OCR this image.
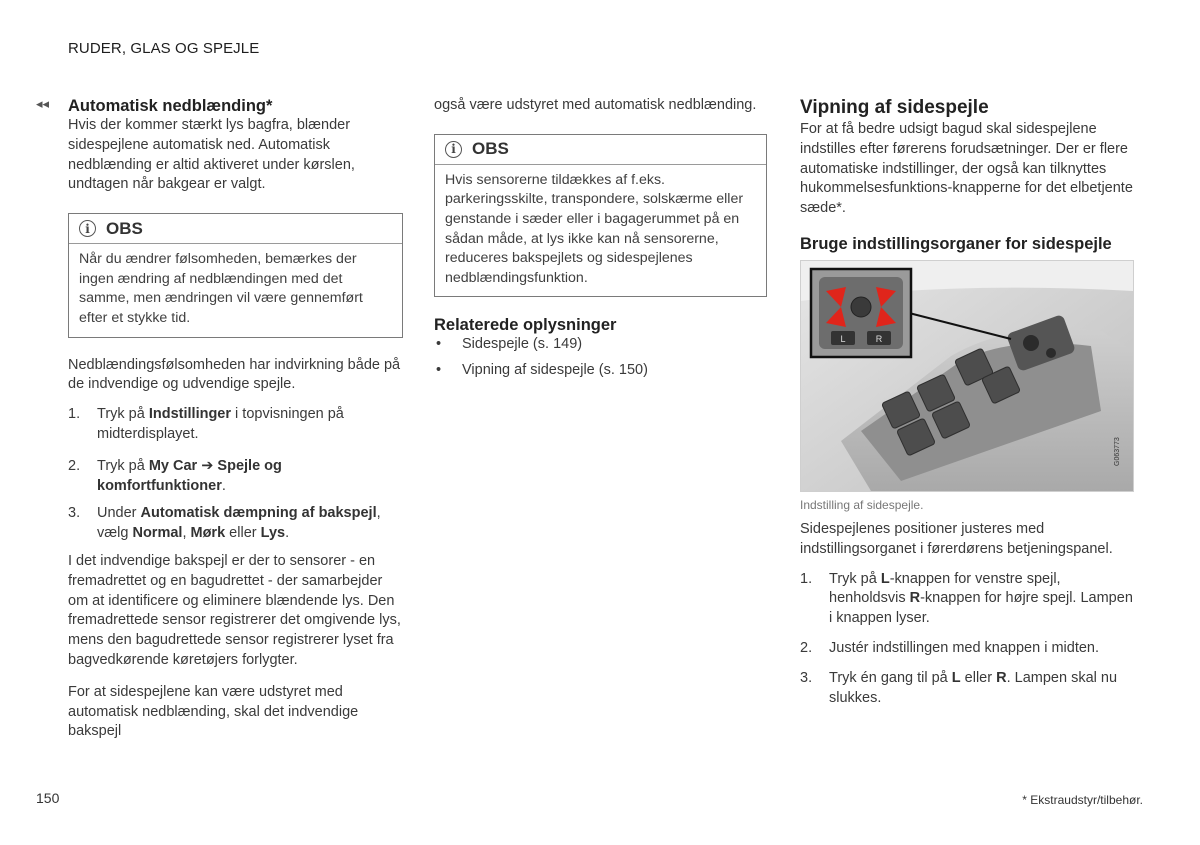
RUDER, GLAS OG SPEJLE
◂◂ Automatisk nedblænding*

Hvis der kommer stærkt lys bagfra, blænder sidespejlene automatisk ned. Automatisk nedblænding er altid aktiveret under kørslen, undtagen når bakgear er valgt.

i OBS

Når du ændrer følsomheden, bemærkes der ingen ændring af nedblændingen med det samme, men ændringen vil være gennemført efter et stykke tid.

Nedblændingsfølsomheden har indvirkning både på de indvendige og udvendige spejle.

1. Tryk på Indstillinger i topvisningen på midterdisplayet.
2. Tryk på My Car ➔ Spejle og komfortfunktioner.
3. Under Automatisk dæmpning af bakspejl, vælg Normal, Mørk eller Lys.

I det indvendige bakspejl er der to sensorer - en fremadrettet og en bagudrettet - der samarbejder om at identificere og eliminere blændende lys. Den fremadrettede sensor registrerer det omgivende lys, mens den bagudrettede sensor registrerer lyset fra bagvedkørende køretøjers forlygter.

For at sidespejlene kan være udstyret med automatisk nedblænding, skal det indvendige bakspejl

også være udstyret med automatisk nedblænding.

i OBS

Hvis sensorerne tildækkes af f.eks. parkeringsskilte, transpondere, solskærme eller genstande i sæder eller i bagagerummet på en sådan måde, at lys ikke kan nå sensorerne, reduceres bakspejlets og sidespejlenes nedblændingsfunktion.

Relaterede oplysninger
• Sidespejle (s. 149)
• Vipning af sidespejle (s. 150)
Vipning af sidespejle

For at få bedre udsigt bagud skal sidespejlene indstilles efter førerens forudsætninger. Der er flere automatiske indstillinger, der også kan tilknyttes hukommelsesfunktions-knapperne for det elbetjente sæde*.

Bruge indstillingsorganer for sidespejle
R
L
G063773
Indstilling af sidespejle.

Sidespejlenes positioner justeres med indstillingsorganet i førerdørens betjeningspanel.

1. Tryk på L-knappen for venstre spejl, henholdsvis R-knappen for højre spejl. Lampen i knappen lyser.
2. Justér indstillingen med knappen i midten.
3. Tryk én gang til på L eller R. Lampen skal nu slukkes.
150	* Ekstraudstyr/tilbehør.
